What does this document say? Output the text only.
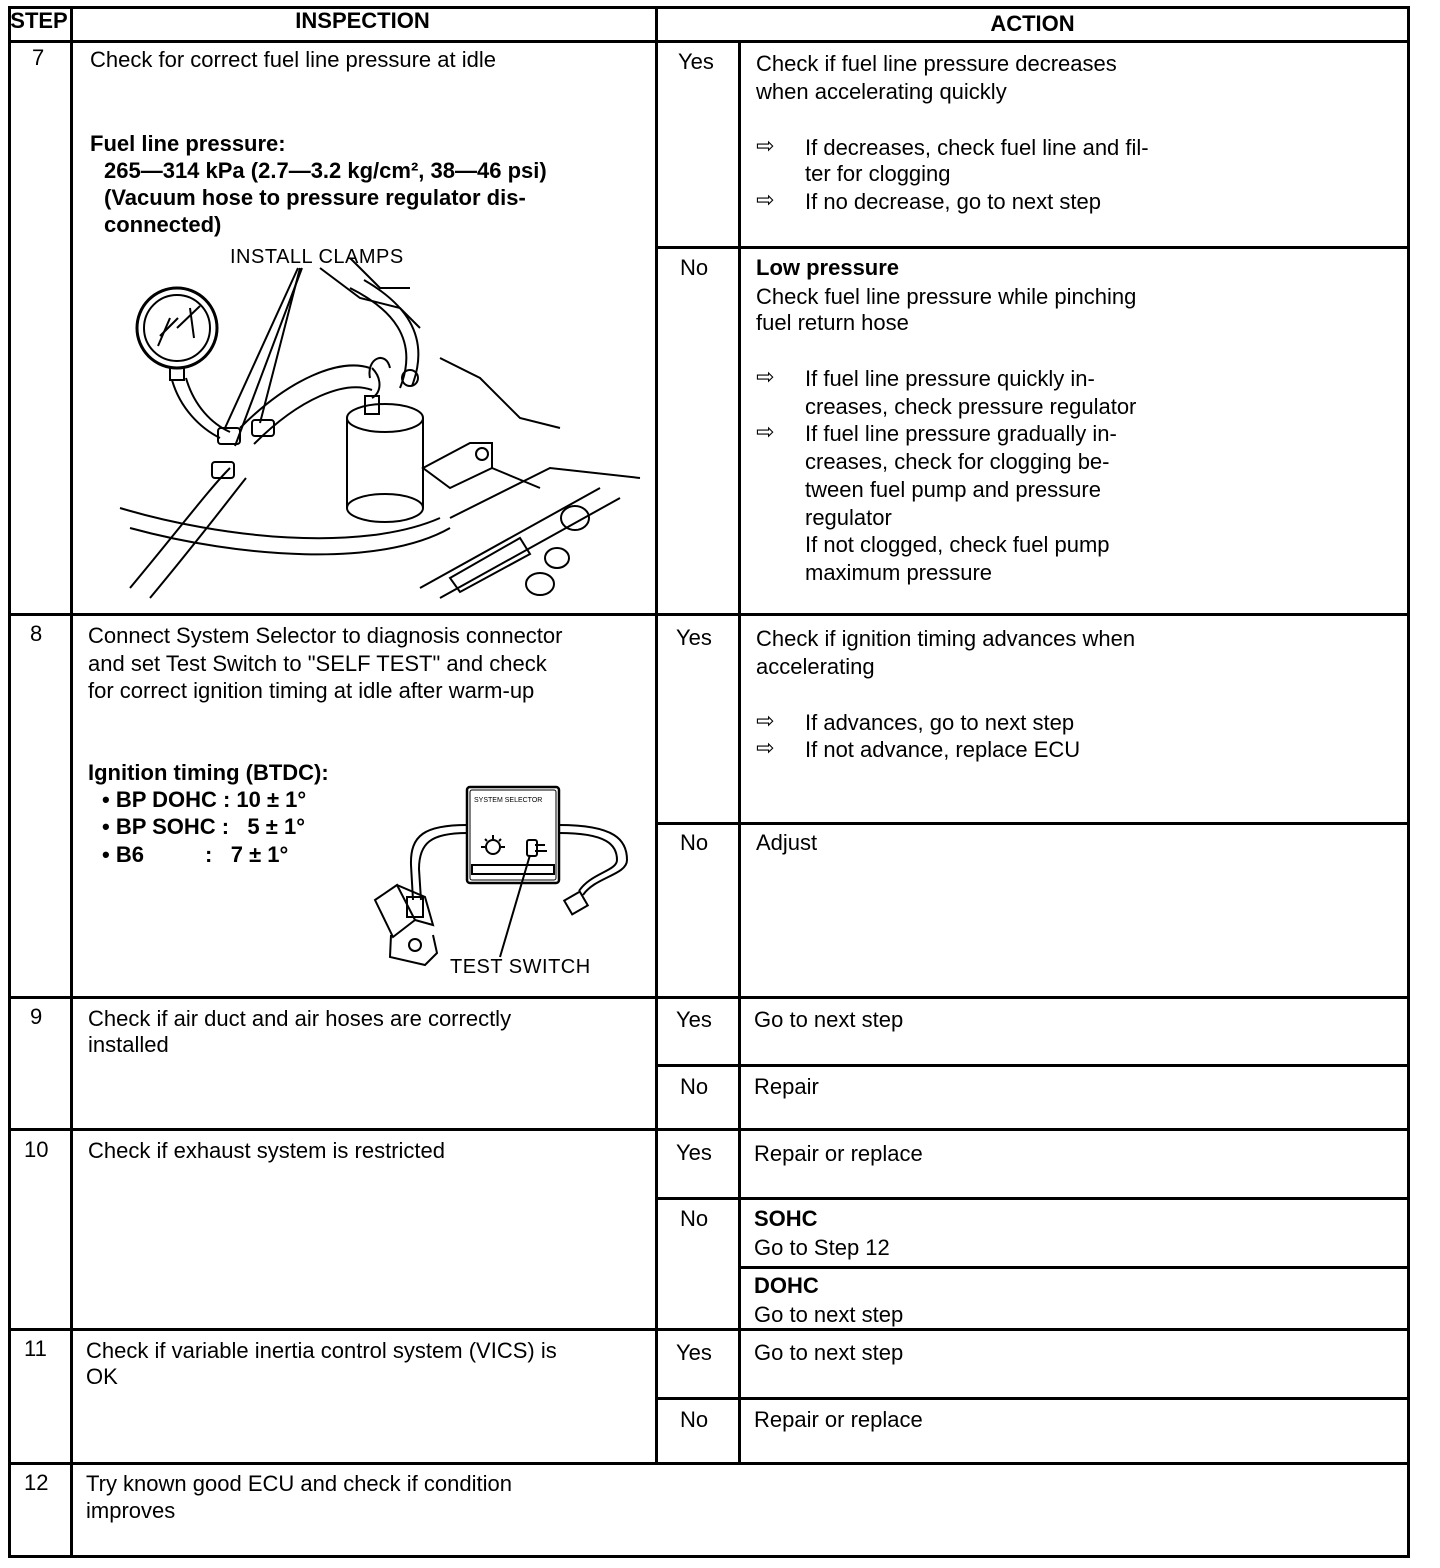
STEP	INSPECTION	ACTION
7 Check for correct fuel line pressure at idle
Fuel line pressure:
265—314 kPa (2.7—3.2 kg/cm², 38—46 psi)
(Vacuum hose to pressure regulator dis-
connected)
INSTALL CLAMPS
Yes Check if fuel line pressure decreases
when accelerating quickly
⇨ If decreases, check fuel line and fil-
ter for clogging
⇨ If no decrease, go to next step
No Low pressure
Check fuel line pressure while pinching
fuel return hose
⇨ If fuel line pressure quickly in-
creases, check pressure regulator
⇨ If fuel line pressure gradually in-
creases, check for clogging be-
tween fuel pump and pressure
regulator
If not clogged, check fuel pump
maximum pressure
8 Connect System Selector to diagnosis connector
and set Test Switch to "SELF TEST" and check
for correct ignition timing at idle after warm-up
Ignition timing (BTDC):
• BP DOHC : 10 ± 1°
• BP SOHC :   5 ± 1°
• B6          :   7 ± 1°
TEST SWITCH
SYSTEM SELECTOR
Yes Check if ignition timing advances when
accelerating
⇨ If advances, go to next step
⇨ If not advance, replace ECU
No Adjust
9 Check if air duct and air hoses are correctly
installed
Yes Go to next step
No Repair
10 Check if exhaust system is restricted	Yes Repair or replace
No SOHC
Go to Step 12
DOHC
Go to next step
11 Check if variable inertia control system (VICS) is
OK
Yes Go to next step
No Repair or replace
12 Try known good ECU and check if condition
improves
